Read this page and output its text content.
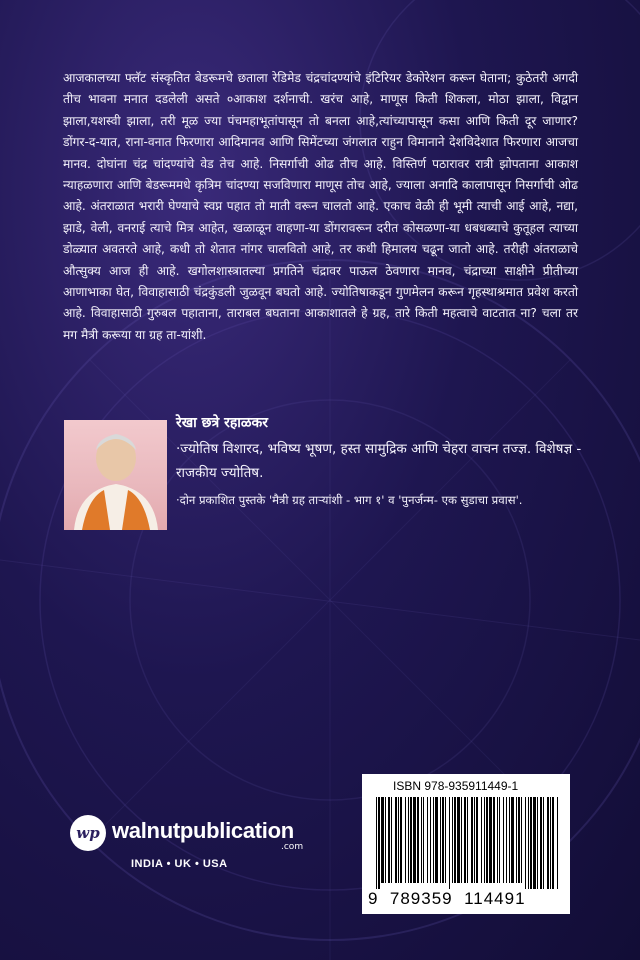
आजकालच्या फ्लॅट संस्कृतित बेडरूमचे छताला रेडिमेड चंद्रचांदण्यांचे इंटिरियर डेकोरेशन करून घेताना; कुठेतरी अगदी तीच भावना मनात दडलेली असते ०आकाश दर्शनाची. खरंच आहे, माणूस किती शिकला, मोठा झाला, विद्वान झाला,यशस्वी झाला, तरी मूळ ज्या पंचमहाभूतांपासून तो बनला आहे,त्यांच्यापासून कसा आणि किती दूर जाणार? डोंगर-द-यात, राना-वनात फिरणारा आदिमानव आणि सिमेंटच्या जंगलात राहुन विमानाने देशविदेशात फिरणारा आजचा मानव. दोघांना चंद्र चांदण्यांचे वेड तेच आहे. निसर्गाची ओढ तीच आहे. विस्तिर्ण पठारावर रात्री झोपताना आकाश न्याहळणारा आणि बेडरूममधे कृत्रिम चांदण्या सजविणारा माणूस तोच आहे, ज्याला अनादि कालापासून निसर्गाची ओढ आहे. अंतराळात भरारी घेण्याचे स्वप्न पहात तो माती वरून चालतो आहे. एकाच वेळी ही भूमी त्याची आई आहे, नद्या, झाडे, वेली, वनराई त्याचे मित्र आहेत, खळाळून वाहणा-या डोंगरावरून दरीत कोसळणा-या धबधब्याचे कुतूहल त्याच्या डोळ्यात अवतरते आहे, कधी तो शेतात नांगर चालवितो आहे, तर कधी हिमालय चढून जातो आहे. तरीही अंतराळाचे औत्सुक्य आज ही आहे. खगोलशास्त्रातल्या प्रगतिने चंद्रावर पाऊल ठेवणारा मानव, चंद्राच्या साक्षीने प्रीतीच्या आणाभाका घेत, विवाहासाठी चंद्रकुंडली जुळवून बघतो आहे. ज्योतिषाकडून गुणमेलन करून गृहस्थाश्रमात प्रवेश करतो आहे. विवाहासाठी गुरुबल पहाताना, ताराबल बघताना आकाशातले हे ग्रह, तारे किती महत्वाचे वाटतात ना? चला तर मग मैत्री करूया या ग्रह ता-यांशी.

रेखा छत्रे रहाळकर
·ज्योतिष विशारद, भविष्य भूषण, हस्त सामुद्रिक आणि चेहरा वाचन तज्ज्ञ. विशेषज्ञ - राजकीय ज्योतिष.
·दोन प्रकाशित पुस्तके 'मैत्री ग्रह ताऱ्यांशी - भाग १' व 'पुनर्जन्म- एक सुडाचा प्रवास'.
wp walnutpublication
.com
INDIA • UK • USA
ISBN 978-935911449-1
9  789359  114491
